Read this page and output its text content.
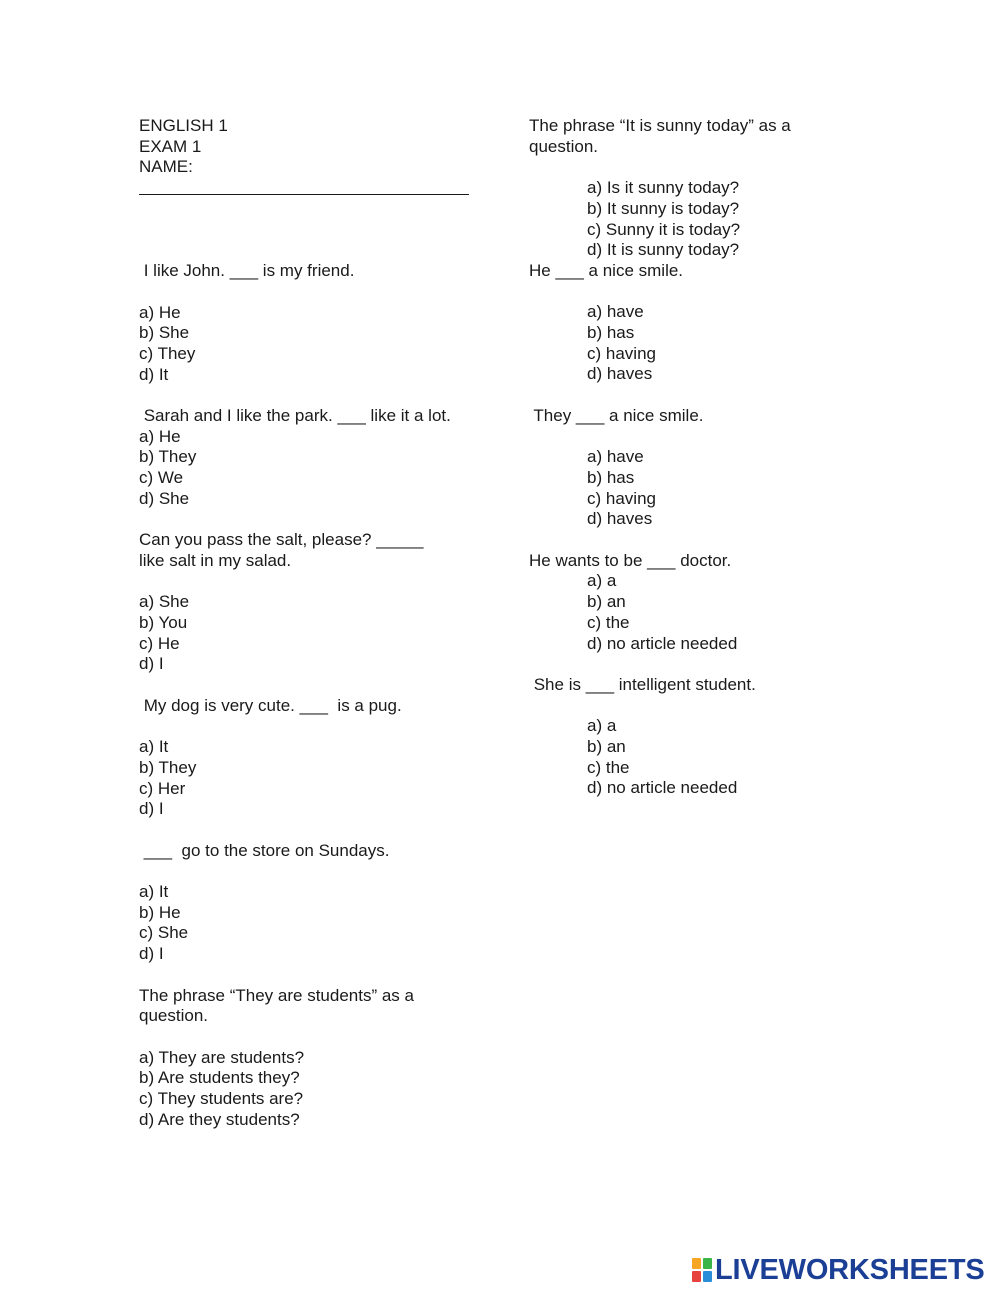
ENGLISH 1
EXAM 1
NAME:
I like John. ___ is my friend.
a) He
b) She
c) They
d) It
Sarah and I like the park. ___ like it a lot.
a) He
b) They
c) We
d) She
Can you pass the salt, please? _____ like salt in my salad.
a) She
b) You
c) He
d) I
My dog is very cute. ___  is a pug.
a) It
b) They
c) Her
d) I
___  go to the store on Sundays.
a) It
b) He
c) She
d) I
The phrase “They are students” as a question.
a) They are students?
b) Are students they?
c) They students are?
d) Are they students?
The phrase “It is sunny today” as a question.
a) Is it sunny today?
b) It sunny is today?
c) Sunny it is today?
d) It is sunny today?
He ___ a nice smile.
a) have
b) has
c) having
d) haves
They ___ a nice smile.
a) have
b) has
c) having
d) haves
He wants to be ___ doctor.
a) a
b) an
c) the
d) no article needed
She is ___ intelligent student.
a) a
b) an
c) the
d) no article needed
LIVEWORKSHEETS
